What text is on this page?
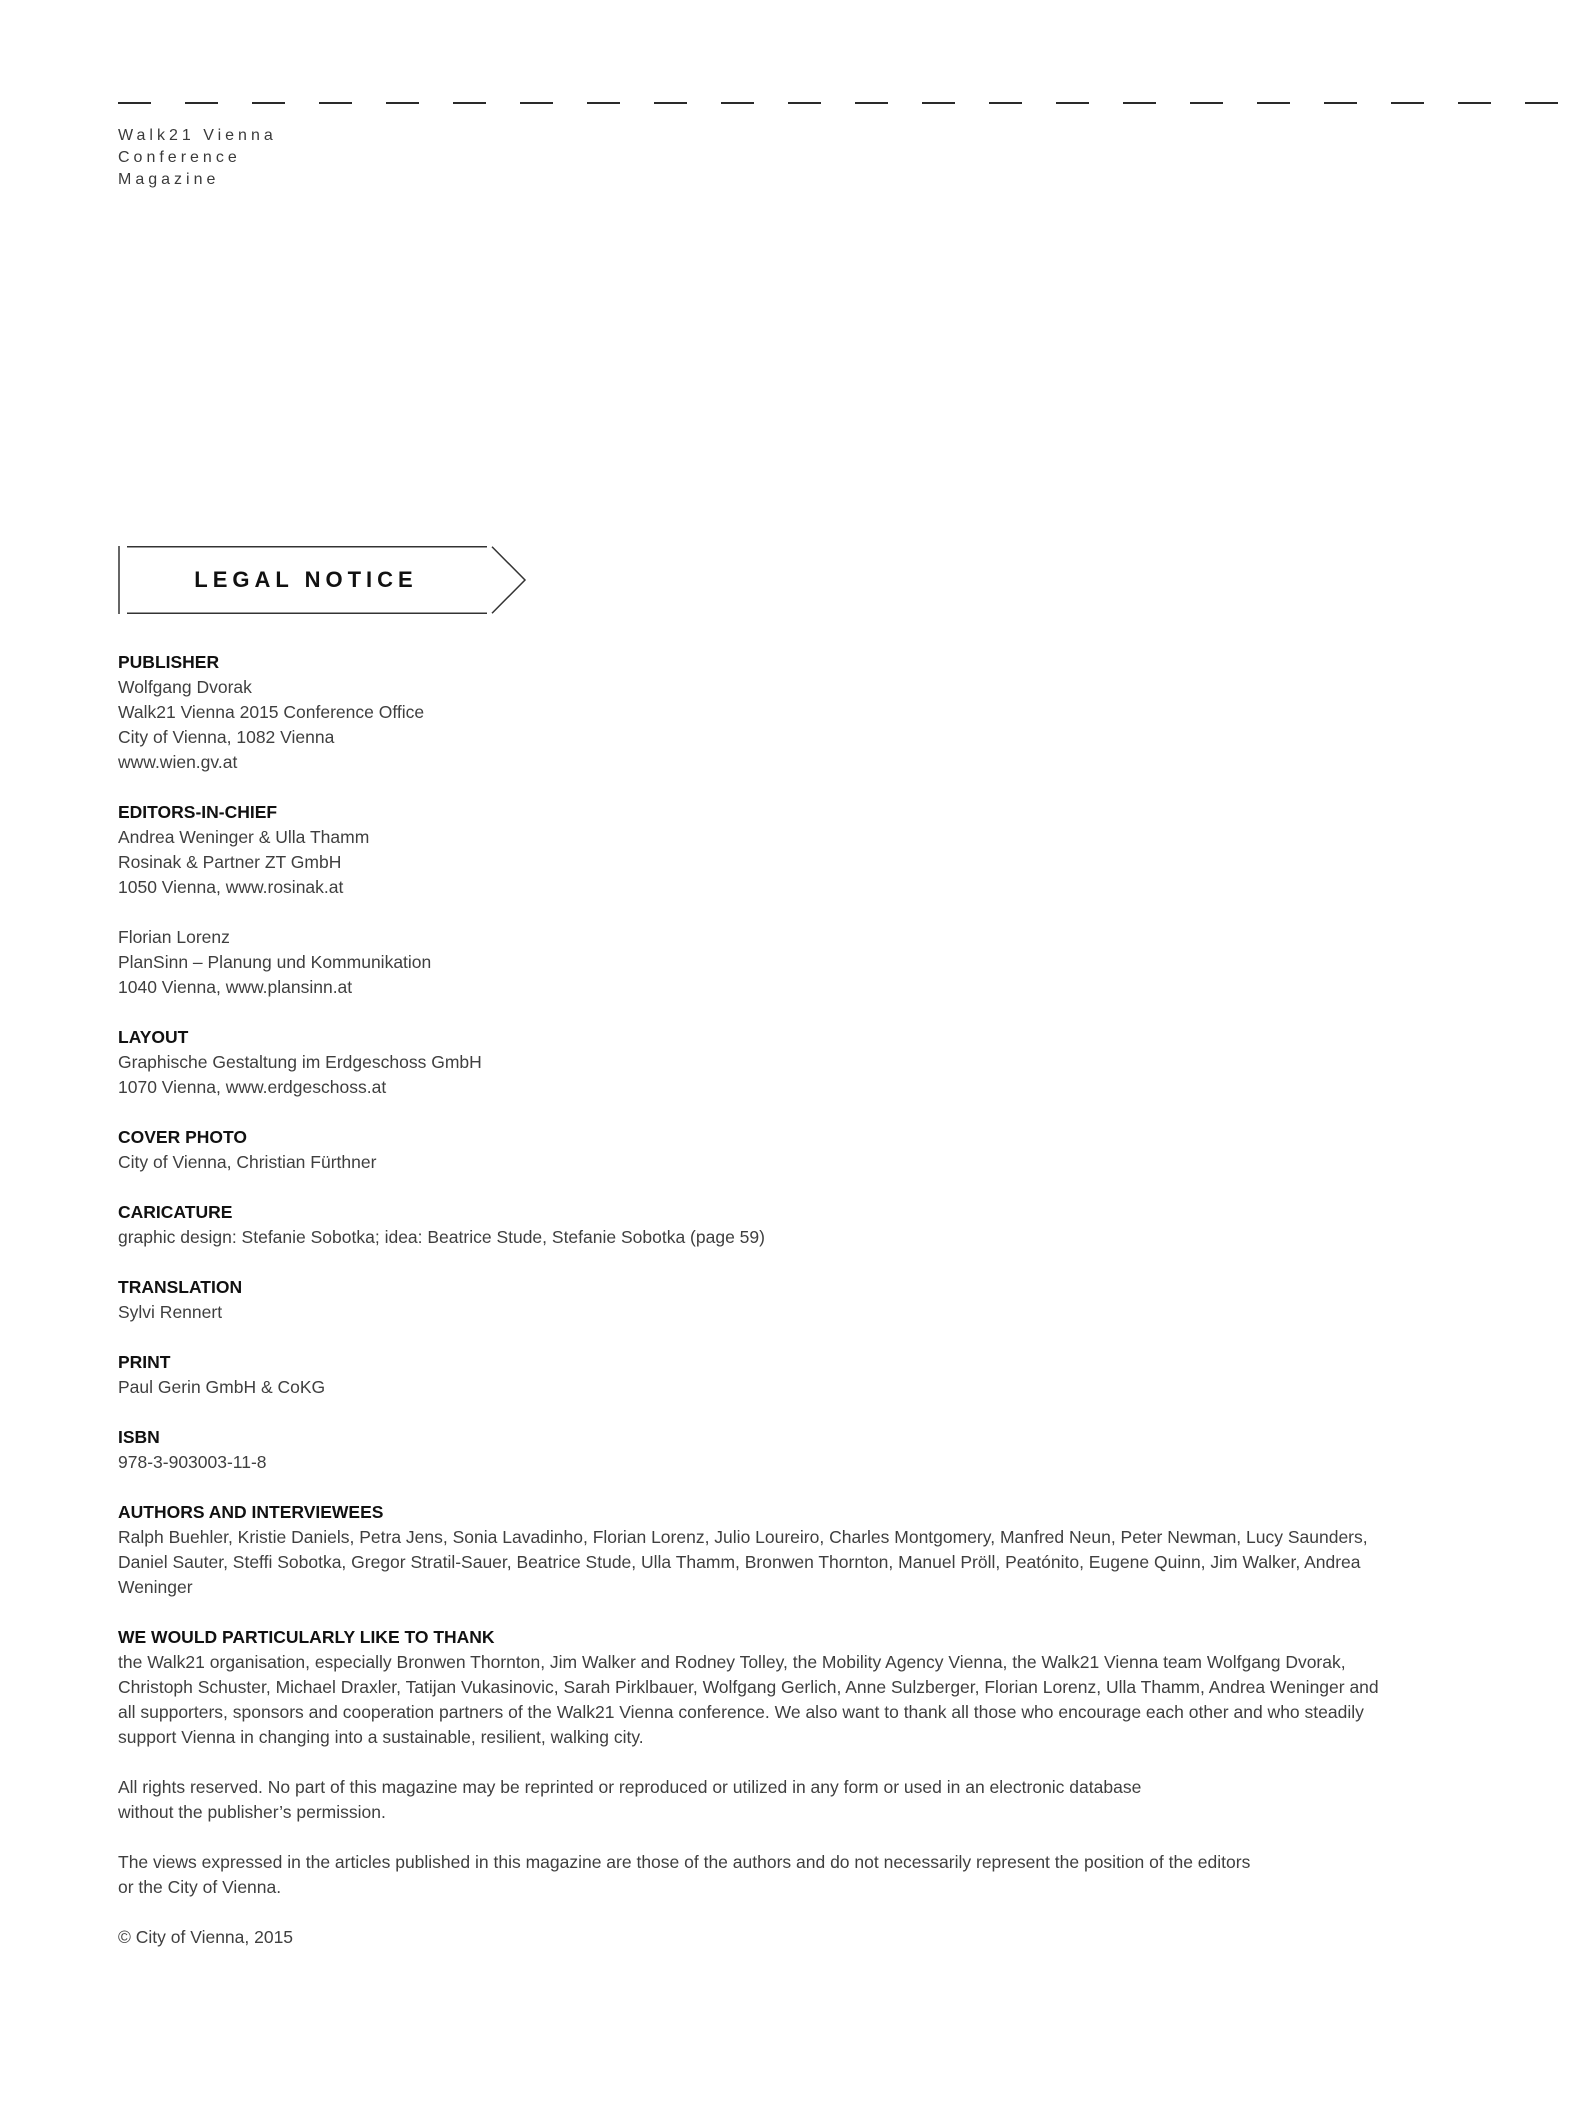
Walk21 Vienna
Conference
Magazine
LEGAL NOTICE
PUBLISHER
Wolfgang Dvorak
Walk21 Vienna 2015 Conference Office
City of Vienna, 1082 Vienna
www.wien.gv.at
EDITORS-IN-CHIEF
Andrea Weninger & Ulla Thamm
Rosinak & Partner ZT GmbH
1050 Vienna, www.rosinak.at
Florian Lorenz
PlanSinn – Planung und Kommunikation
1040 Vienna, www.plansinn.at
LAYOUT
Graphische Gestaltung im Erdgeschoss GmbH
1070 Vienna, www.erdgeschoss.at
COVER PHOTO
City of Vienna, Christian Fürthner
CARICATURE
graphic design: Stefanie Sobotka; idea: Beatrice Stude, Stefanie Sobotka (page 59)
TRANSLATION
Sylvi Rennert
PRINT
Paul Gerin GmbH & CoKG
ISBN
978-3-903003-11-8
AUTHORS AND INTERVIEWEES
Ralph Buehler, Kristie Daniels, Petra Jens, Sonia Lavadinho, Florian Lorenz, Julio Loureiro, Charles Montgomery, Manfred Neun, Peter Newman, Lucy Saunders,
Daniel Sauter, Steffi Sobotka, Gregor Stratil-Sauer, Beatrice Stude, Ulla Thamm, Bronwen Thornton, Manuel Pröll, Peatónito, Eugene Quinn, Jim Walker, Andrea
Weninger
WE WOULD PARTICULARLY LIKE TO THANK
the Walk21 organisation, especially Bronwen Thornton, Jim Walker and Rodney Tolley, the Mobility Agency Vienna, the Walk21 Vienna team Wolfgang Dvorak,
Christoph Schuster, Michael Draxler, Tatijan Vukasinovic, Sarah Pirklbauer, Wolfgang Gerlich, Anne Sulzberger, Florian Lorenz, Ulla Thamm, Andrea Weninger and
all supporters, sponsors and cooperation partners of the Walk21 Vienna conference. We also want to thank all those who encourage each other and who steadily
support Vienna in changing into a sustainable, resilient, walking city.
All rights reserved. No part of this magazine may be reprinted or reproduced or utilized in any form or used in an electronic database
without the publisher’s permission.
The views expressed in the articles published in this magazine are those of the authors and do not necessarily represent the position of the editors
or the City of Vienna.
© City of Vienna, 2015
